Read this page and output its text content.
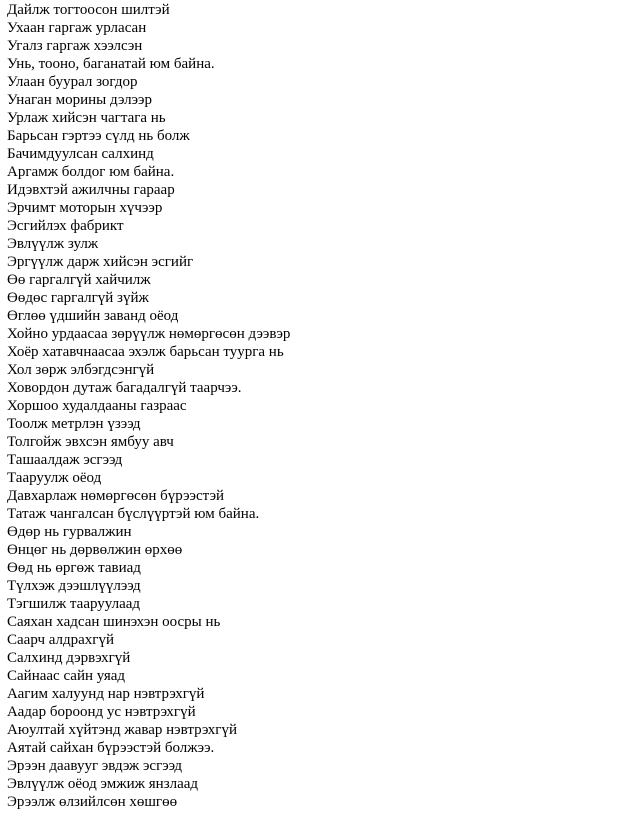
Дайлж тогтоосон шилтэй
Ухаан гаргаж урласан
Угалз гаргаж хээлсэн
Унь, тооно, баганатай юм байна.
Улаан буурал зогдор
Унаган морины дэлээр
Урлаж хийсэн чагтага нь
Барьсан гэртээ сүлд нь болж
Бачимдуулсан салхинд
Аргамж болдог юм байна.
Идэвхтэй ажилчны гараар
Эрчимт моторын хүчээр
Эсгийлэх фабрикт
Эвлүүлж зулж
Эргүүлж дарж хийсэн эсгийг
Өө гаргалгүй хайчилж
Өөдөс гаргалгүй зүйж
Өглөө үдшийн заванд оёод
Хойно урдаасаа зөрүүлж нөмөргөсөн дээвэр
Хоёр хатавчнаасаа эхэлж барьсан туурга нь
Хол зөрж элбэгдсэнгүй
Ховордон дутаж багадалгүй таарчээ.
Хоршоо худалдааны газраас
Тоолж метрлэн үзээд
Толгойж эвхсэн ямбуу авч
Ташаалдаж эсгээд
Тааруулж оёод
Давхарлаж нөмөргөсөн бүрээстэй
Татаж чангалсан бүслүүртэй юм байна.
Өдөр нь гурвалжин
Өнцөг нь дөрвөлжин өрхөө
Өөд нь өргөж тавиад
Түлхэж дээшлүүлээд
Тэгшилж тааруулаад
Саяхан хадсан шинэхэн оосры нь
Саарч алдрахгүй
Салхинд дэрвэхгүй
Сайнаас сайн уяад
Аагим халуунд нар нэвтрэхгүй
Аадар бороонд ус нэвтрэхгүй
Аюултай хүйтэнд жавар нэвтрэхгүй
Аятай сайхан бүрээстэй болжээ.
Эрээн даавууг эвдэж эсгээд
Эвлүүлж оёод эмжиж янзлаад
Эрээлж өлзийлсөн хөшгөө
